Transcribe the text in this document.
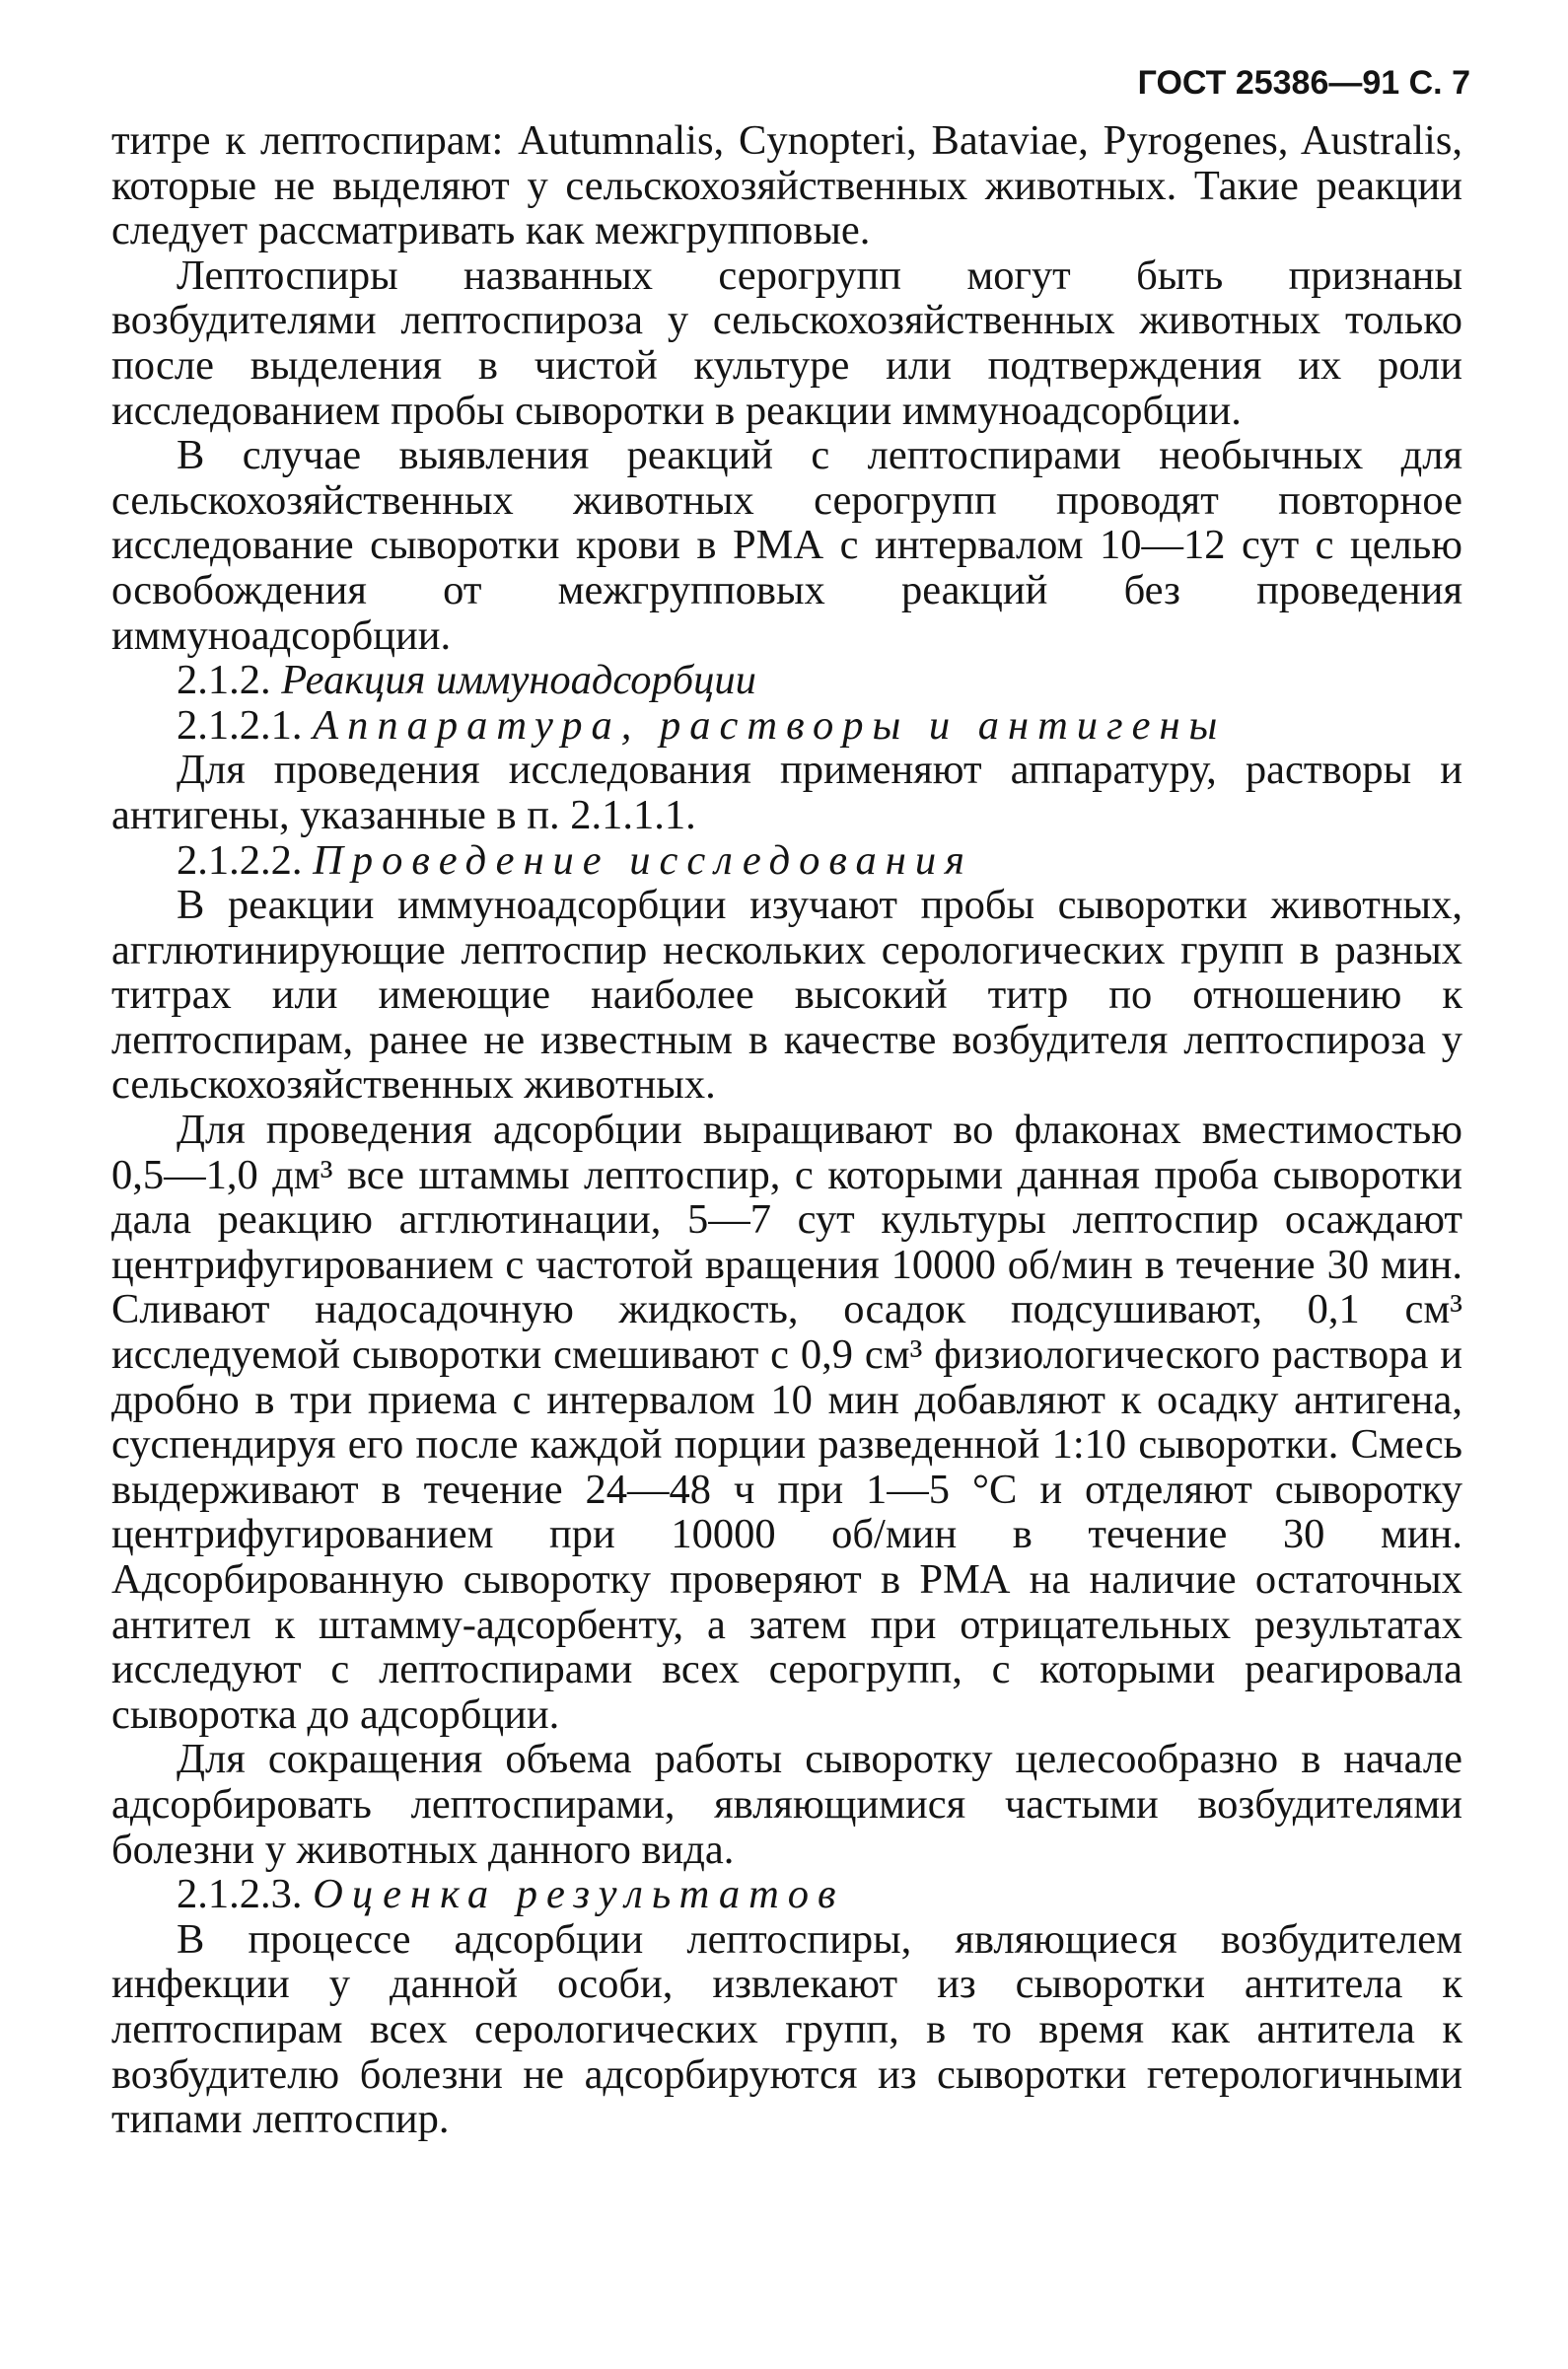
ГОСТ 25386—91 С. 7

титре к лептоспирам: Autumnalis, Cynopteri, Bataviae, Pyrogenes, Australis, которые не выделяют у сельскохозяйственных животных. Такие реакции следует рассматривать как межгрупповые.

Лептоспиры названных серогрупп могут быть признаны возбудителями лептоспироза у сельскохозяйственных животных только после выделения в чистой культуре или подтверждения их роли исследованием пробы сыворотки в реакции иммуноадсорбции.

В случае выявления реакций с лептоспирами необычных для сельскохозяйственных животных серогрупп проводят повторное исследование сыворотки крови в РМА с интервалом 10—12 сут с целью освобождения от межгрупповых реакций без проведения иммуноадсорбции.

2.1.2. Реакция иммуноадсорбции

2.1.2.1. Аппаратура, растворы и антигены

Для проведения исследования применяют аппаратуру, растворы и антигены, указанные в п. 2.1.1.1.

2.1.2.2. Проведение исследования

В реакции иммуноадсорбции изучают пробы сыворотки животных, агглютинирующие лептоспир нескольких серологических групп в разных титрах или имеющие наиболее высокий титр по отношению к лептоспирам, ранее не известным в качестве возбудителя лептоспироза у сельскохозяйственных животных.

Для проведения адсорбции выращивают во флаконах вместимостью 0,5—1,0 дм³ все штаммы лептоспир, с которыми данная проба сыворотки дала реакцию агглютинации, 5—7 сут культуры лептоспир осаждают центрифугированием с частотой вращения 10000 об/мин в течение 30 мин. Сливают надосадочную жидкость, осадок подсушивают, 0,1 см³ исследуемой сыворотки смешивают с 0,9 см³ физиологического раствора и дробно в три приема с интервалом 10 мин добавляют к осадку антигена, суспендируя его после каждой порции разведенной 1:10 сыворотки. Смесь выдерживают в течение 24—48 ч при 1—5 °С и отделяют сыворотку центрифугированием при 10000 об/мин в течение 30 мин. Адсорбированную сыворотку проверяют в РМА на наличие остаточных антител к штамму-адсорбенту, а затем при отрицательных результатах исследуют с лептоспирами всех серогрупп, с которыми реагировала сыворотка до адсорбции.

Для сокращения объема работы сыворотку целесообразно в начале адсорбировать лептоспирами, являющимися частыми возбудителями болезни у животных данного вида.

2.1.2.3. Оценка результатов

В процессе адсорбции лептоспиры, являющиеся возбудителем инфекции у данной особи, извлекают из сыворотки антитела к лептоспирам всех серологических групп, в то время как антитела к возбудителю болезни не адсорбируются из сыворотки гетерологичными типами лептоспир.
